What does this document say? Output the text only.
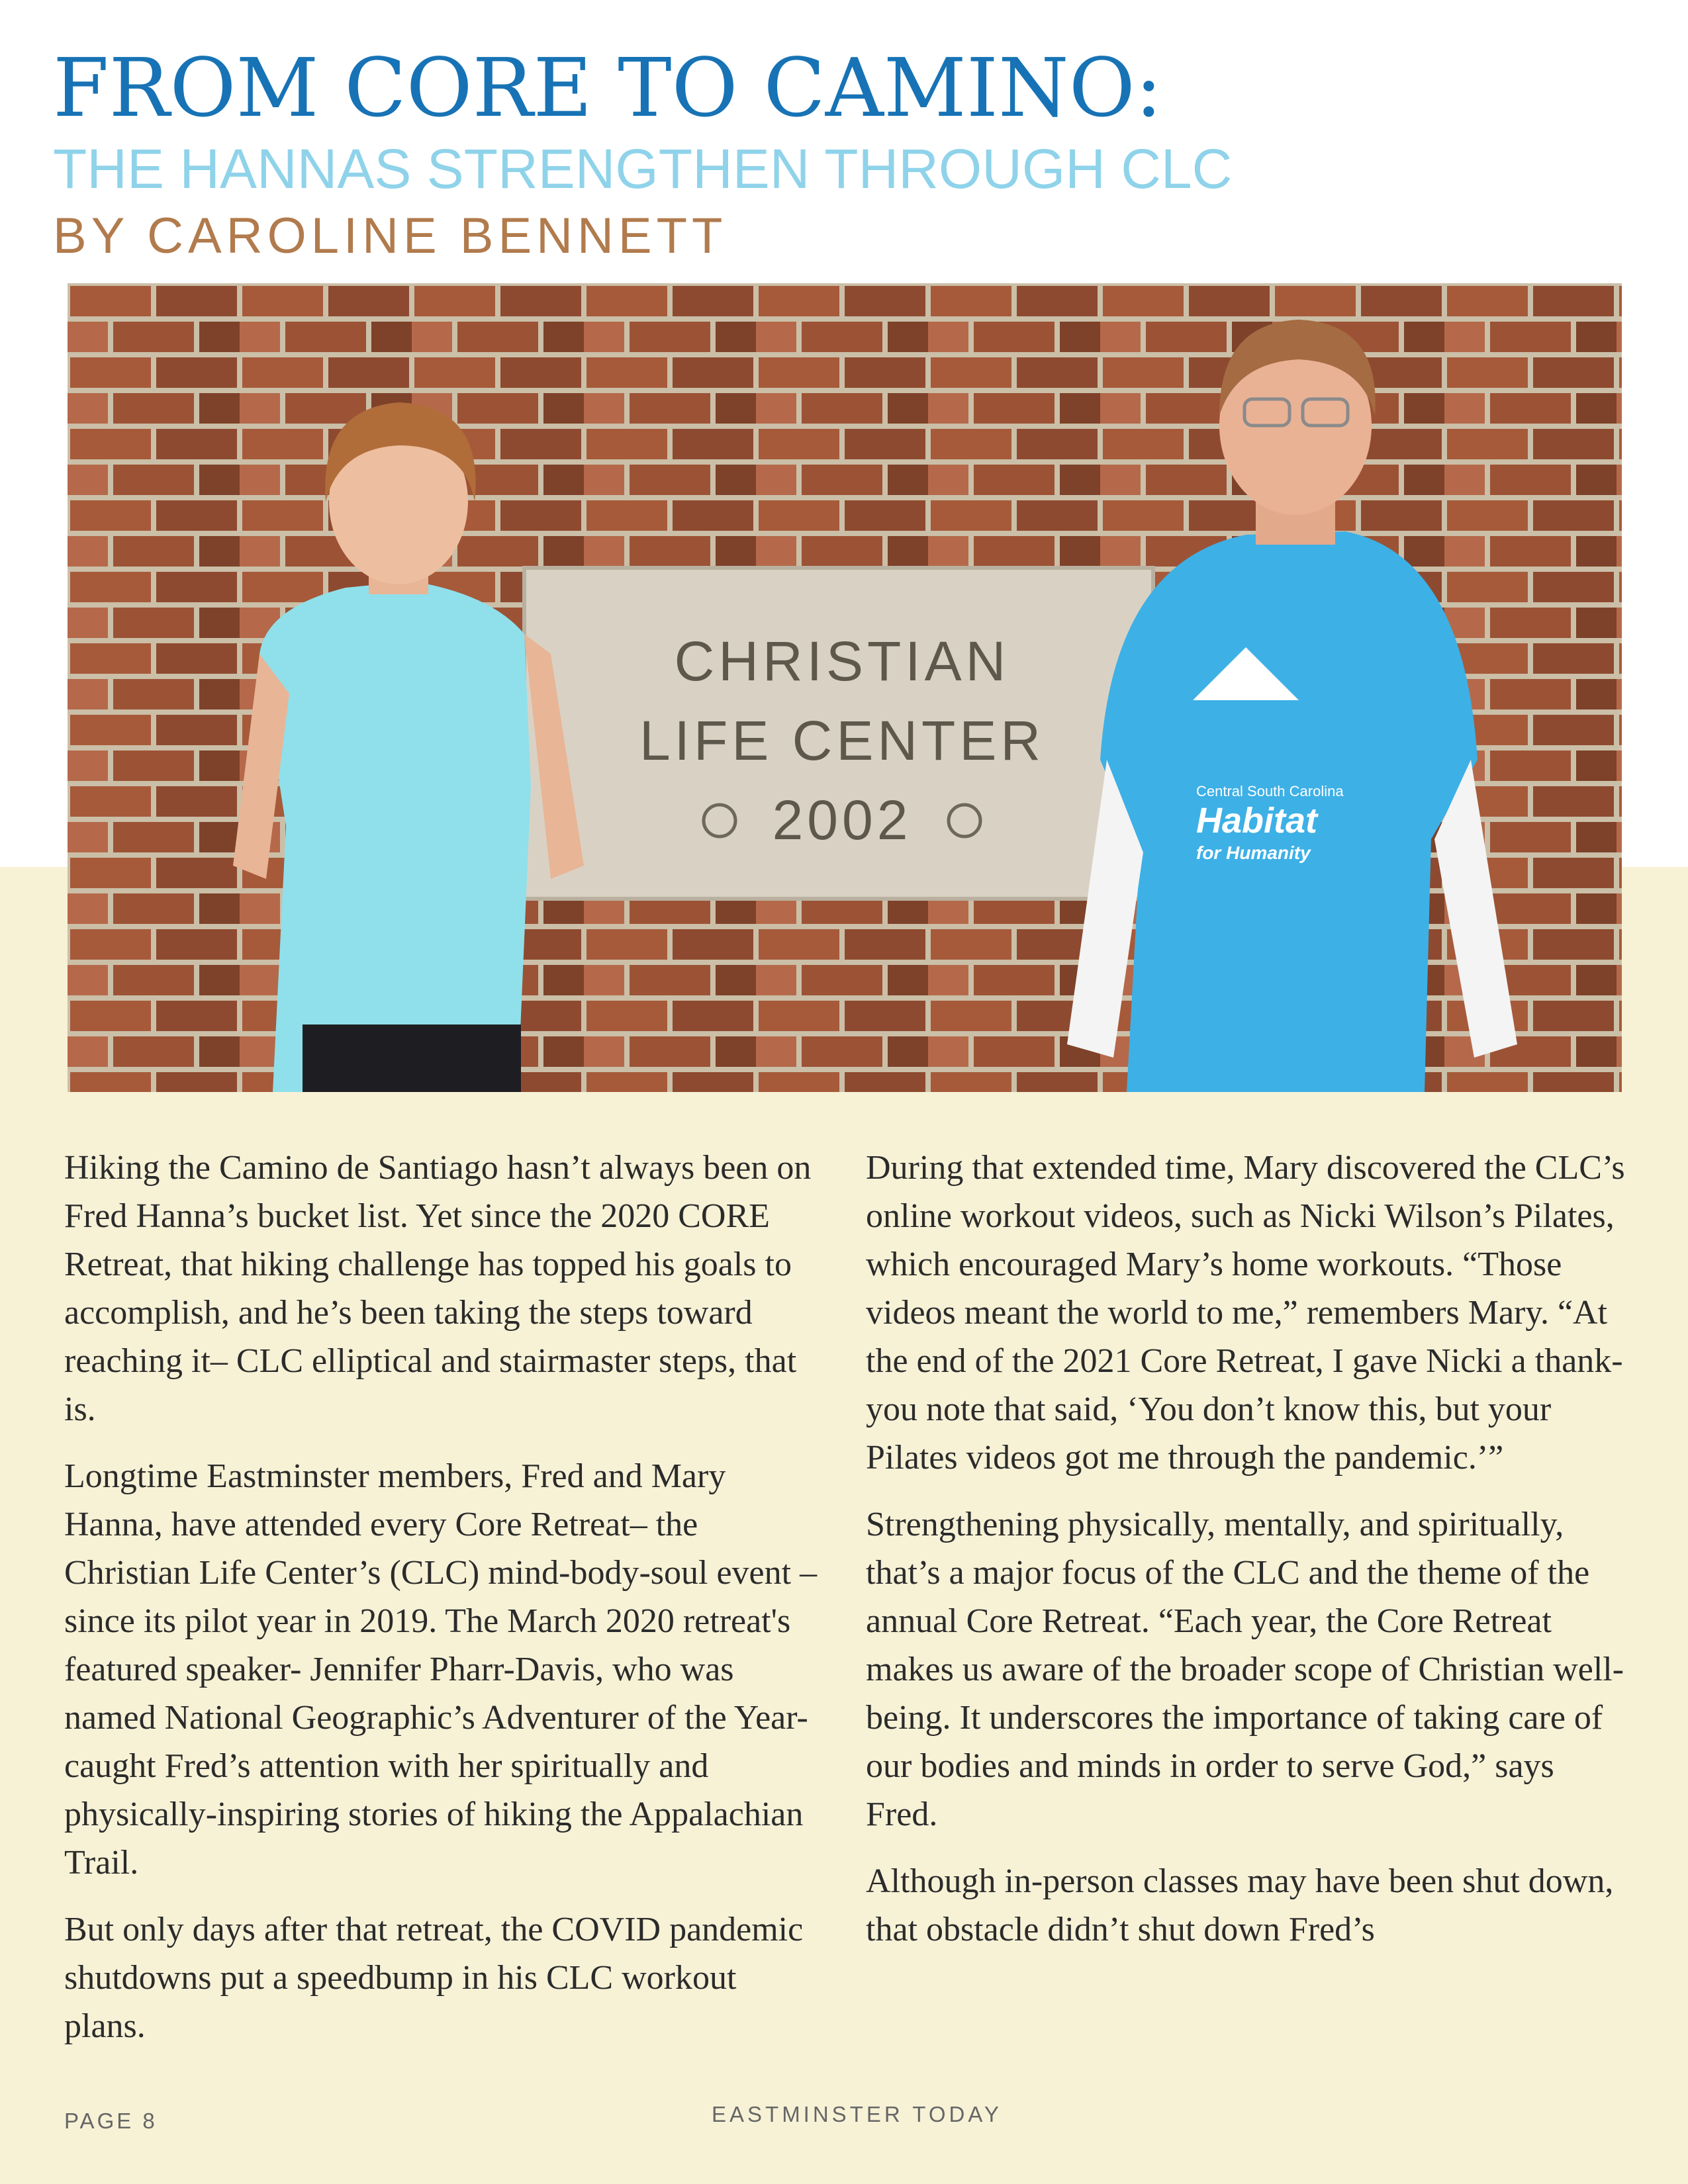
FROM CORE TO CAMINO:
THE HANNAS STRENGTHEN THROUGH CLC
BY CAROLINE BENNETT
CHRISTIAN
LIFE CENTER
2002	Central South Carolina
Habitat
for Humanity

Hiking the Camino de Santiago hasn’t always been on Fred Hanna’s bucket list. Yet since the 2020 CORE Retreat, that hiking challenge has topped his goals to accomplish, and he’s been taking the steps toward reaching it– CLC elliptical and stairmaster steps, that is.

Longtime Eastminster members, Fred and Mary Hanna, have attended every Core Retreat– the Christian Life Center’s (CLC) mind-body-soul event –since its pilot year in 2019. The March 2020 retreat's featured speaker- Jennifer Pharr-Davis, who was named National Geographic’s Adventurer of the Year- caught Fred’s attention with her spiritually and physically-inspiring stories of hiking the Appalachian Trail.

But only days after that retreat, the COVID pandemic shutdowns put a speedbump in his CLC workout plans.

During that extended time, Mary discovered the CLC’s online workout videos, such as Nicki Wilson’s Pilates, which encouraged Mary’s home workouts. “Those videos meant the world to me,” remembers Mary. “At the end of the 2021 Core Retreat, I gave Nicki a thank-you note that said, ‘You don’t know this, but your Pilates videos got me through the pandemic.’”

Strengthening physically, mentally, and spiritually, that’s a major focus of the CLC and the theme of the annual Core Retreat. “Each year, the Core Retreat makes us aware of the broader scope of Christian well-being. It underscores the importance of taking care of our bodies and minds in order to serve God,” says Fred.

Although in-person classes may have been shut down, that obstacle didn’t shut down Fred’s

PAGE 8	EASTMINSTER TODAY
